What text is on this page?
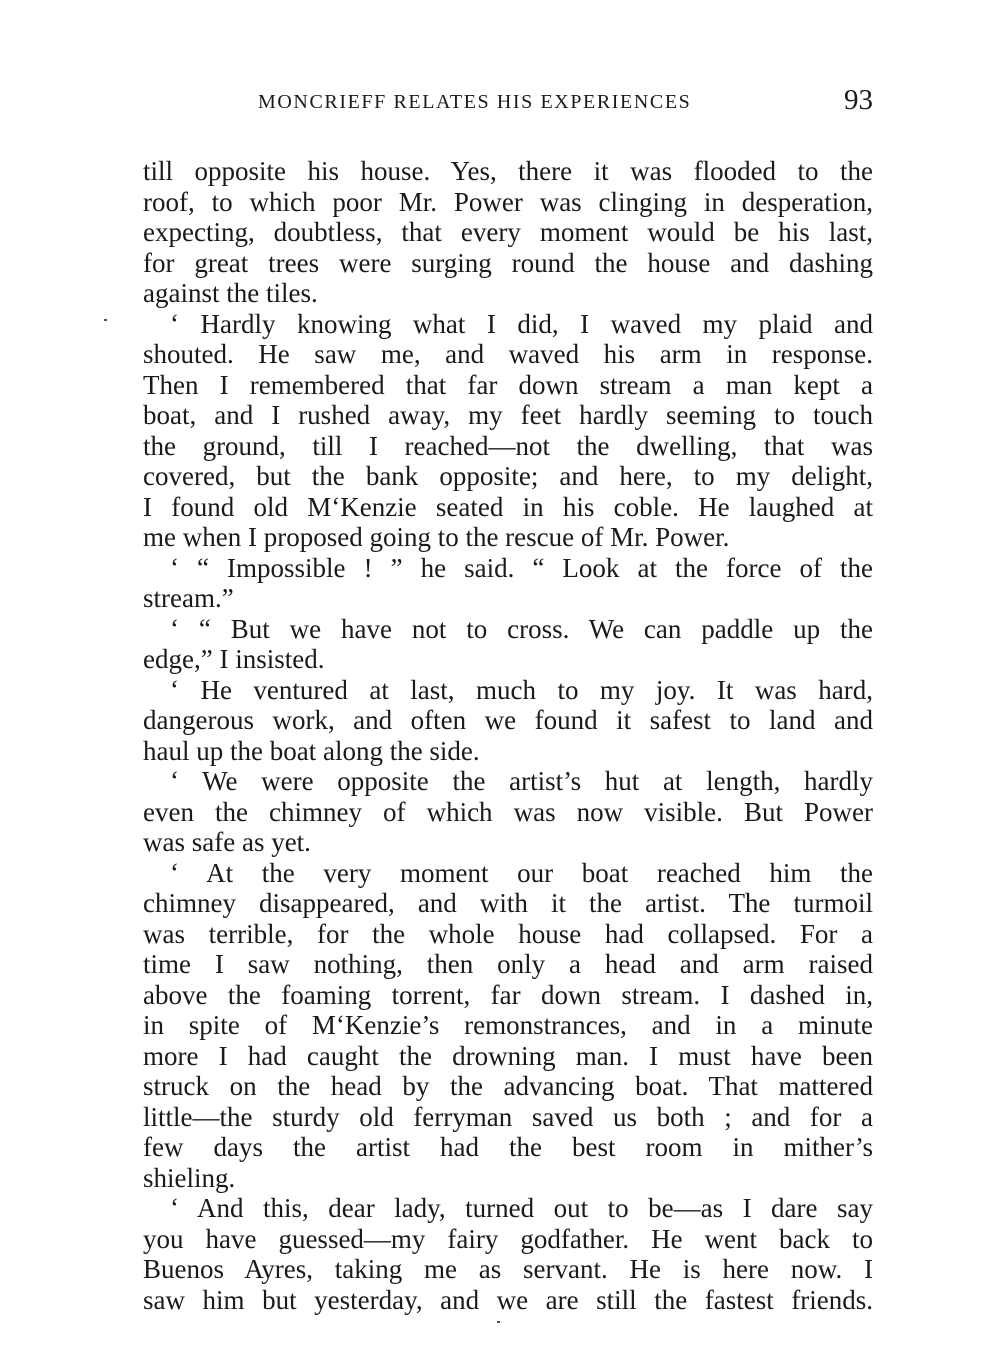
MONCRIEFF RELATES HIS EXPERIENCES	93
till opposite his house. Yes, there it was flooded to the
roof, to which poor Mr. Power was clinging in desperation,
expecting, doubtless, that every moment would be his last,
for great trees were surging round the house and dashing
against the tiles.
‘ Hardly knowing what I did, I waved my plaid and
shouted. He saw me, and waved his arm in response.
Then I remembered that far down stream a man kept a
boat, and I rushed away, my feet hardly seeming to touch
the ground, till I reached—not the dwelling, that was
covered, but the bank opposite; and here, to my delight,
I found old M‘Kenzie seated in his coble. He laughed at
me when I proposed going to the rescue of Mr. Power.
‘ “ Impossible ! ” he said. “ Look at the force of the
stream.”
‘ “ But we have not to cross. We can paddle up the
edge,” I insisted.
‘ He ventured at last, much to my joy. It was hard,
dangerous work, and often we found it safest to land and
haul up the boat along the side.
‘ We were opposite the artist’s hut at length, hardly
even the chimney of which was now visible. But Power
was safe as yet.
‘ At the very moment our boat reached him the
chimney disappeared, and with it the artist. The turmoil
was terrible, for the whole house had collapsed. For a
time I saw nothing, then only a head and arm raised
above the foaming torrent, far down stream. I dashed in,
in spite of M‘Kenzie’s remonstrances, and in a minute
more I had caught the drowning man. I must have been
struck on the head by the advancing boat. That mattered
little—the sturdy old ferryman saved us both ; and for a
few days the artist had the best room in mither’s
shieling.
‘ And this, dear lady, turned out to be—as I dare say
you have guessed—my fairy godfather. He went back to
Buenos Ayres, taking me as servant. He is here now. I
saw him but yesterday, and we are still the fastest friends.
